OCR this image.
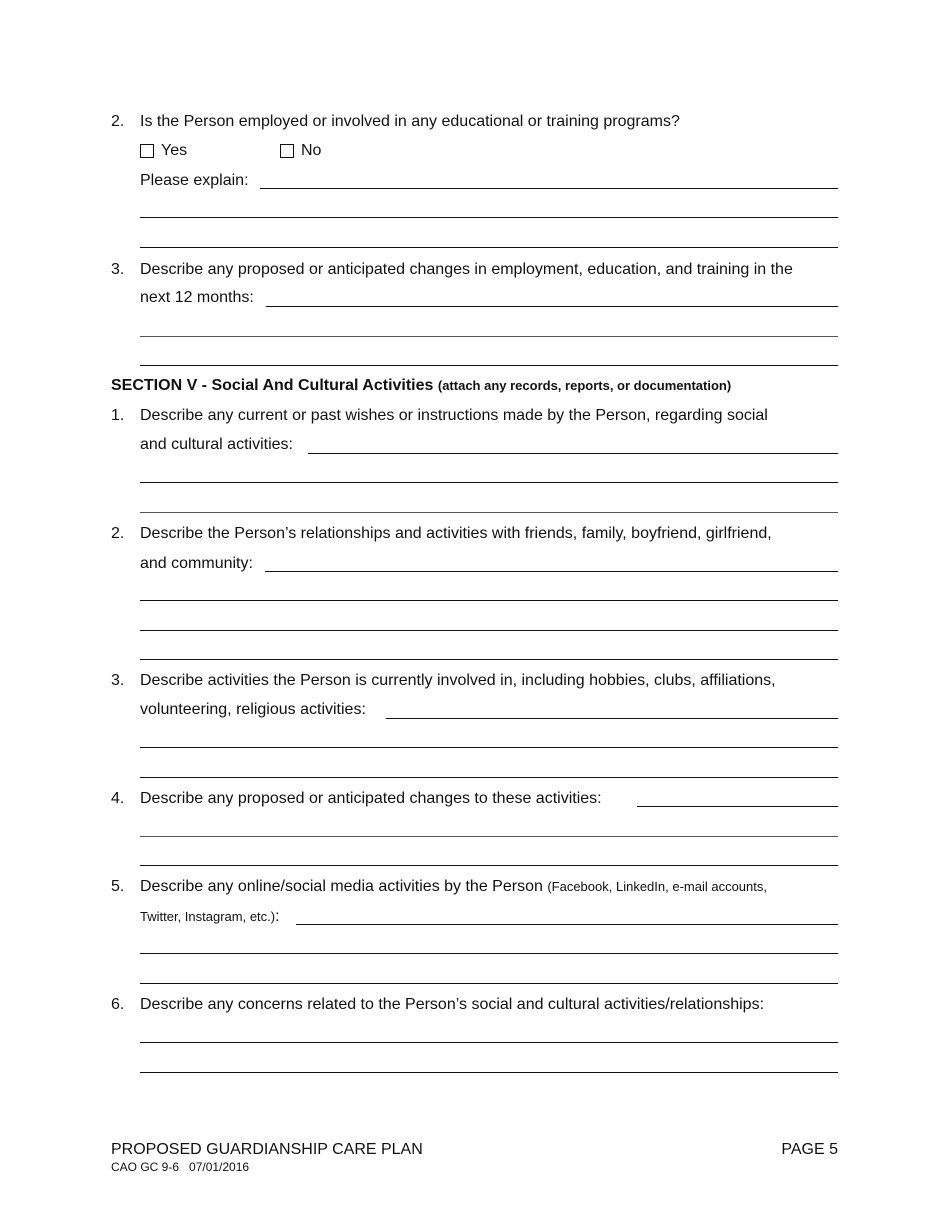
2. Is the Person employed or involved in any educational or training programs?
Yes	No
Please explain:
3. Describe any proposed or anticipated changes in employment, education, and training in the
next 12 months:
SECTION V - Social And Cultural Activities (attach any records, reports, or documentation)
1. Describe any current or past wishes or instructions made by the Person, regarding social
and cultural activities:
2. Describe the Person’s relationships and activities with friends, family, boyfriend, girlfriend,
and community:
3. Describe activities the Person is currently involved in, including hobbies, clubs, affiliations,
volunteering, religious activities:
4. Describe any proposed or anticipated changes to these activities:
5. Describe any online/social media activities by the Person (Facebook, LinkedIn, e-mail accounts,
Twitter, Instagram, etc.):
6. Describe any concerns related to the Person’s social and cultural activities/relationships:
PROPOSED GUARDIANSHIP CARE PLAN
CAO GC 9-6   07/01/2016
PAGE 5
